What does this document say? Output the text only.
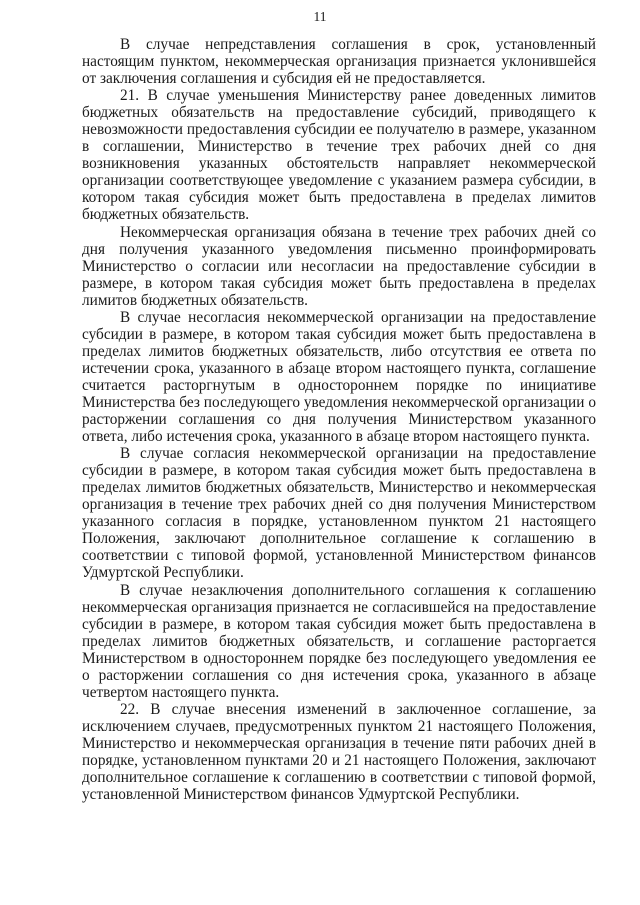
11

В случае непредставления соглашения в срок, установленный настоящим пунктом, некоммерческая организация признается уклонившейся от заключения соглашения и субсидия ей не предоставляется.

21. В случае уменьшения Министерству ранее доведенных лимитов бюджетных обязательств на предоставление субсидий, приводящего к невозможности предоставления субсидии ее получателю в размере, указанном в соглашении, Министерство в течение трех рабочих дней со дня возникновения указанных обстоятельств направляет некоммерческой организации соответствующее уведомление с указанием размера субсидии, в котором такая субсидия может быть предоставлена в пределах лимитов бюджетных обязательств.

Некоммерческая организация обязана в течение трех рабочих дней со дня получения указанного уведомления письменно проинформировать Министерство о согласии или несогласии на предоставление субсидии в размере, в котором такая субсидия может быть предоставлена в пределах лимитов бюджетных обязательств.

В случае несогласия некоммерческой организации на предоставление субсидии в размере, в котором такая субсидия может быть предоставлена в пределах лимитов бюджетных обязательств, либо отсутствия ее ответа по истечении срока, указанного в абзаце втором настоящего пункта, соглашение считается расторгнутым в одностороннем порядке по инициативе Министерства без последующего уведомления некоммерческой организации о расторжении соглашения со дня получения Министерством указанного ответа, либо истечения срока, указанного в абзаце втором настоящего пункта.

В случае согласия некоммерческой организации на предоставление субсидии в размере, в котором такая субсидия может быть предоставлена в пределах лимитов бюджетных обязательств, Министерство и некоммерческая организация в течение трех рабочих дней со дня получения Министерством указанного согласия в порядке, установленном пунктом 21 настоящего Положения, заключают дополнительное соглашение к соглашению в соответствии с типовой формой, установленной Министерством финансов Удмуртской Республики.

В случае незаключения дополнительного соглашения к соглашению некоммерческая организация признается не согласившейся на предоставление субсидии в размере, в котором такая субсидия может быть предоставлена в пределах лимитов бюджетных обязательств, и соглашение расторгается Министерством в одностороннем порядке без последующего уведомления ее о расторжении соглашения со дня истечения срока, указанного в абзаце четвертом настоящего пункта.

22. В случае внесения изменений в заключенное соглашение, за исключением случаев, предусмотренных пунктом 21 настоящего Положения, Министерство и некоммерческая организация в течение пяти рабочих дней в порядке, установленном пунктами 20 и 21 настоящего Положения, заключают дополнительное соглашение к соглашению в соответствии с типовой формой, установленной Министерством финансов Удмуртской Республики.
